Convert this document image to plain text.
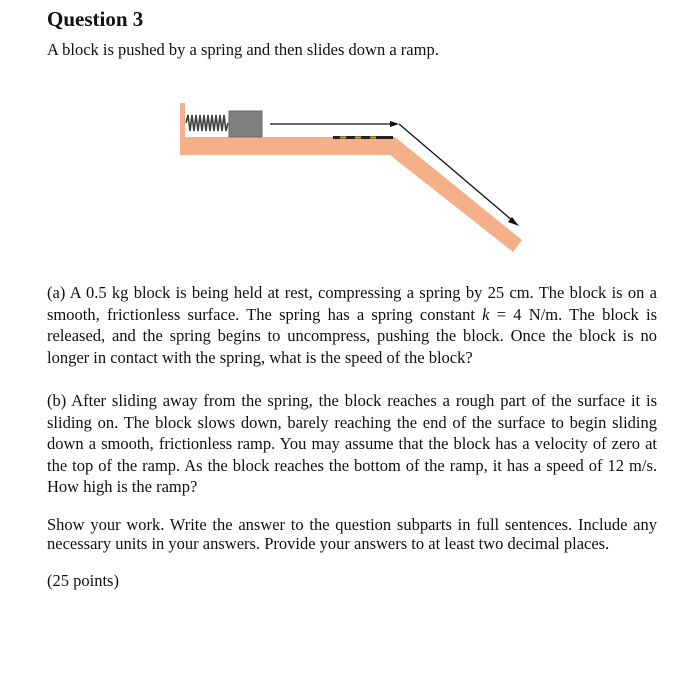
Question 3

A block is pushed by a spring and then slides down a ramp.

(a) A 0.5 kg block is being held at rest, compressing a spring by 25 cm. The block is on a smooth, frictionless surface. The spring has a spring constant k = 4 N/m. The block is released, and the spring begins to uncompress, pushing the block. Once the block is no longer in contact with the spring, what is the speed of the block?

(b) After sliding away from the spring, the block reaches a rough part of the surface it is sliding on. The block slows down, barely reaching the end of the surface to begin sliding down a smooth, frictionless ramp. You may assume that the block has a velocity of zero at the top of the ramp. As the block reaches the bottom of the ramp, it has a speed of 12 m/s. How high is the ramp?

Show your work. Write the answer to the question subparts in full sentences. Include any necessary units in your answers. Provide your answers to at least two decimal places.

(25 points)
